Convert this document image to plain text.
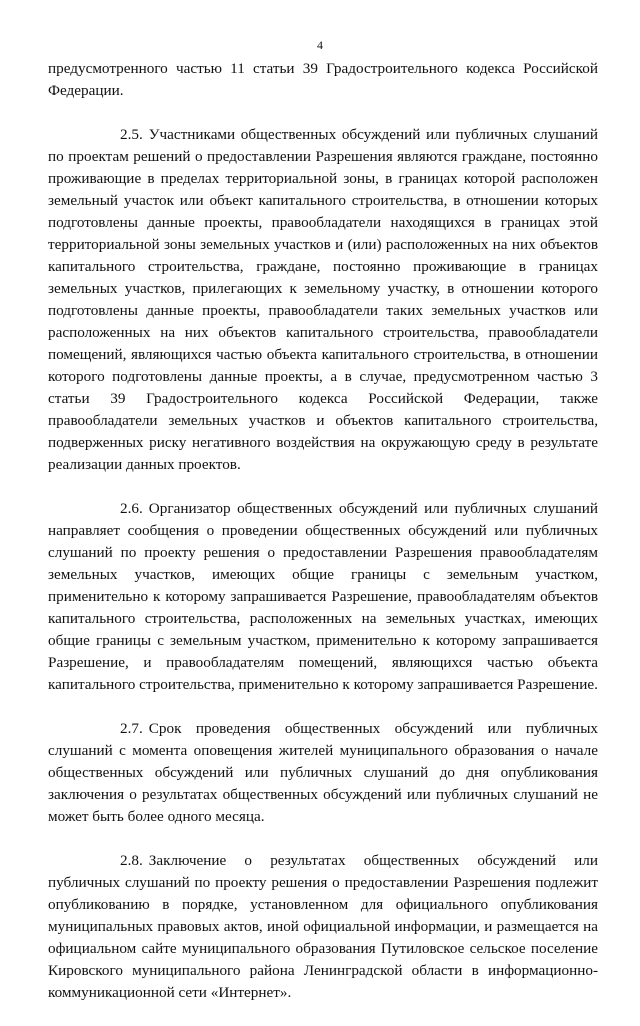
4

предусмотренного частью 11 статьи 39 Градостроительного кодекса Российской Федерации.

2.5. Участниками общественных обсуждений или публичных слушаний по проектам решений о предоставлении Разрешения являются граждане, постоянно проживающие в пределах территориальной зоны, в границах которой расположен земельный участок или объект капитального строительства, в отношении которых подготовлены данные проекты, правообладатели находящихся в границах этой территориальной зоны земельных участков и (или) расположенных на них объектов капитального строительства, граждане, постоянно проживающие в границах земельных участков, прилегающих к земельному участку, в отношении которого подготовлены данные проекты, правообладатели таких земельных участков или расположенных на них объектов капитального строительства, правообладатели помещений, являющихся частью объекта капитального строительства, в отношении которого подготовлены данные проекты, а в случае, предусмотренном частью 3 статьи 39 Градостроительного кодекса Российской Федерации, также правообладатели земельных участков и объектов капитального строительства, подверженных риску негативного воздействия на окружающую среду в результате реализации данных проектов.

2.6. Организатор общественных обсуждений или публичных слушаний направляет сообщения о проведении общественных обсуждений или публичных слушаний по проекту решения о предоставлении Разрешения правообладателям земельных участков, имеющих общие границы с земельным участком, применительно к которому запрашивается Разрешение, правообладателям объектов капитального строительства, расположенных на земельных участках, имеющих общие границы с земельным участком, применительно к которому запрашивается Разрешение, и правообладателям помещений, являющихся частью объекта капитального строительства, применительно к которому запрашивается Разрешение.

2.7. Срок проведения общественных обсуждений или публичных слушаний с момента оповещения жителей муниципального образования о начале общественных обсуждений или публичных слушаний до дня опубликования заключения о результатах общественных обсуждений или публичных слушаний не может быть более одного месяца.

2.8. Заключение о результатах общественных обсуждений или публичных слушаний по проекту решения о предоставлении Разрешения подлежит опубликованию в порядке, установленном для официального опубликования муниципальных правовых актов, иной официальной информации, и размещается на официальном сайте муниципального образования Путиловское сельское поселение Кировского муниципального района Ленинградской области в информационно-коммуникационной сети «Интернет».
